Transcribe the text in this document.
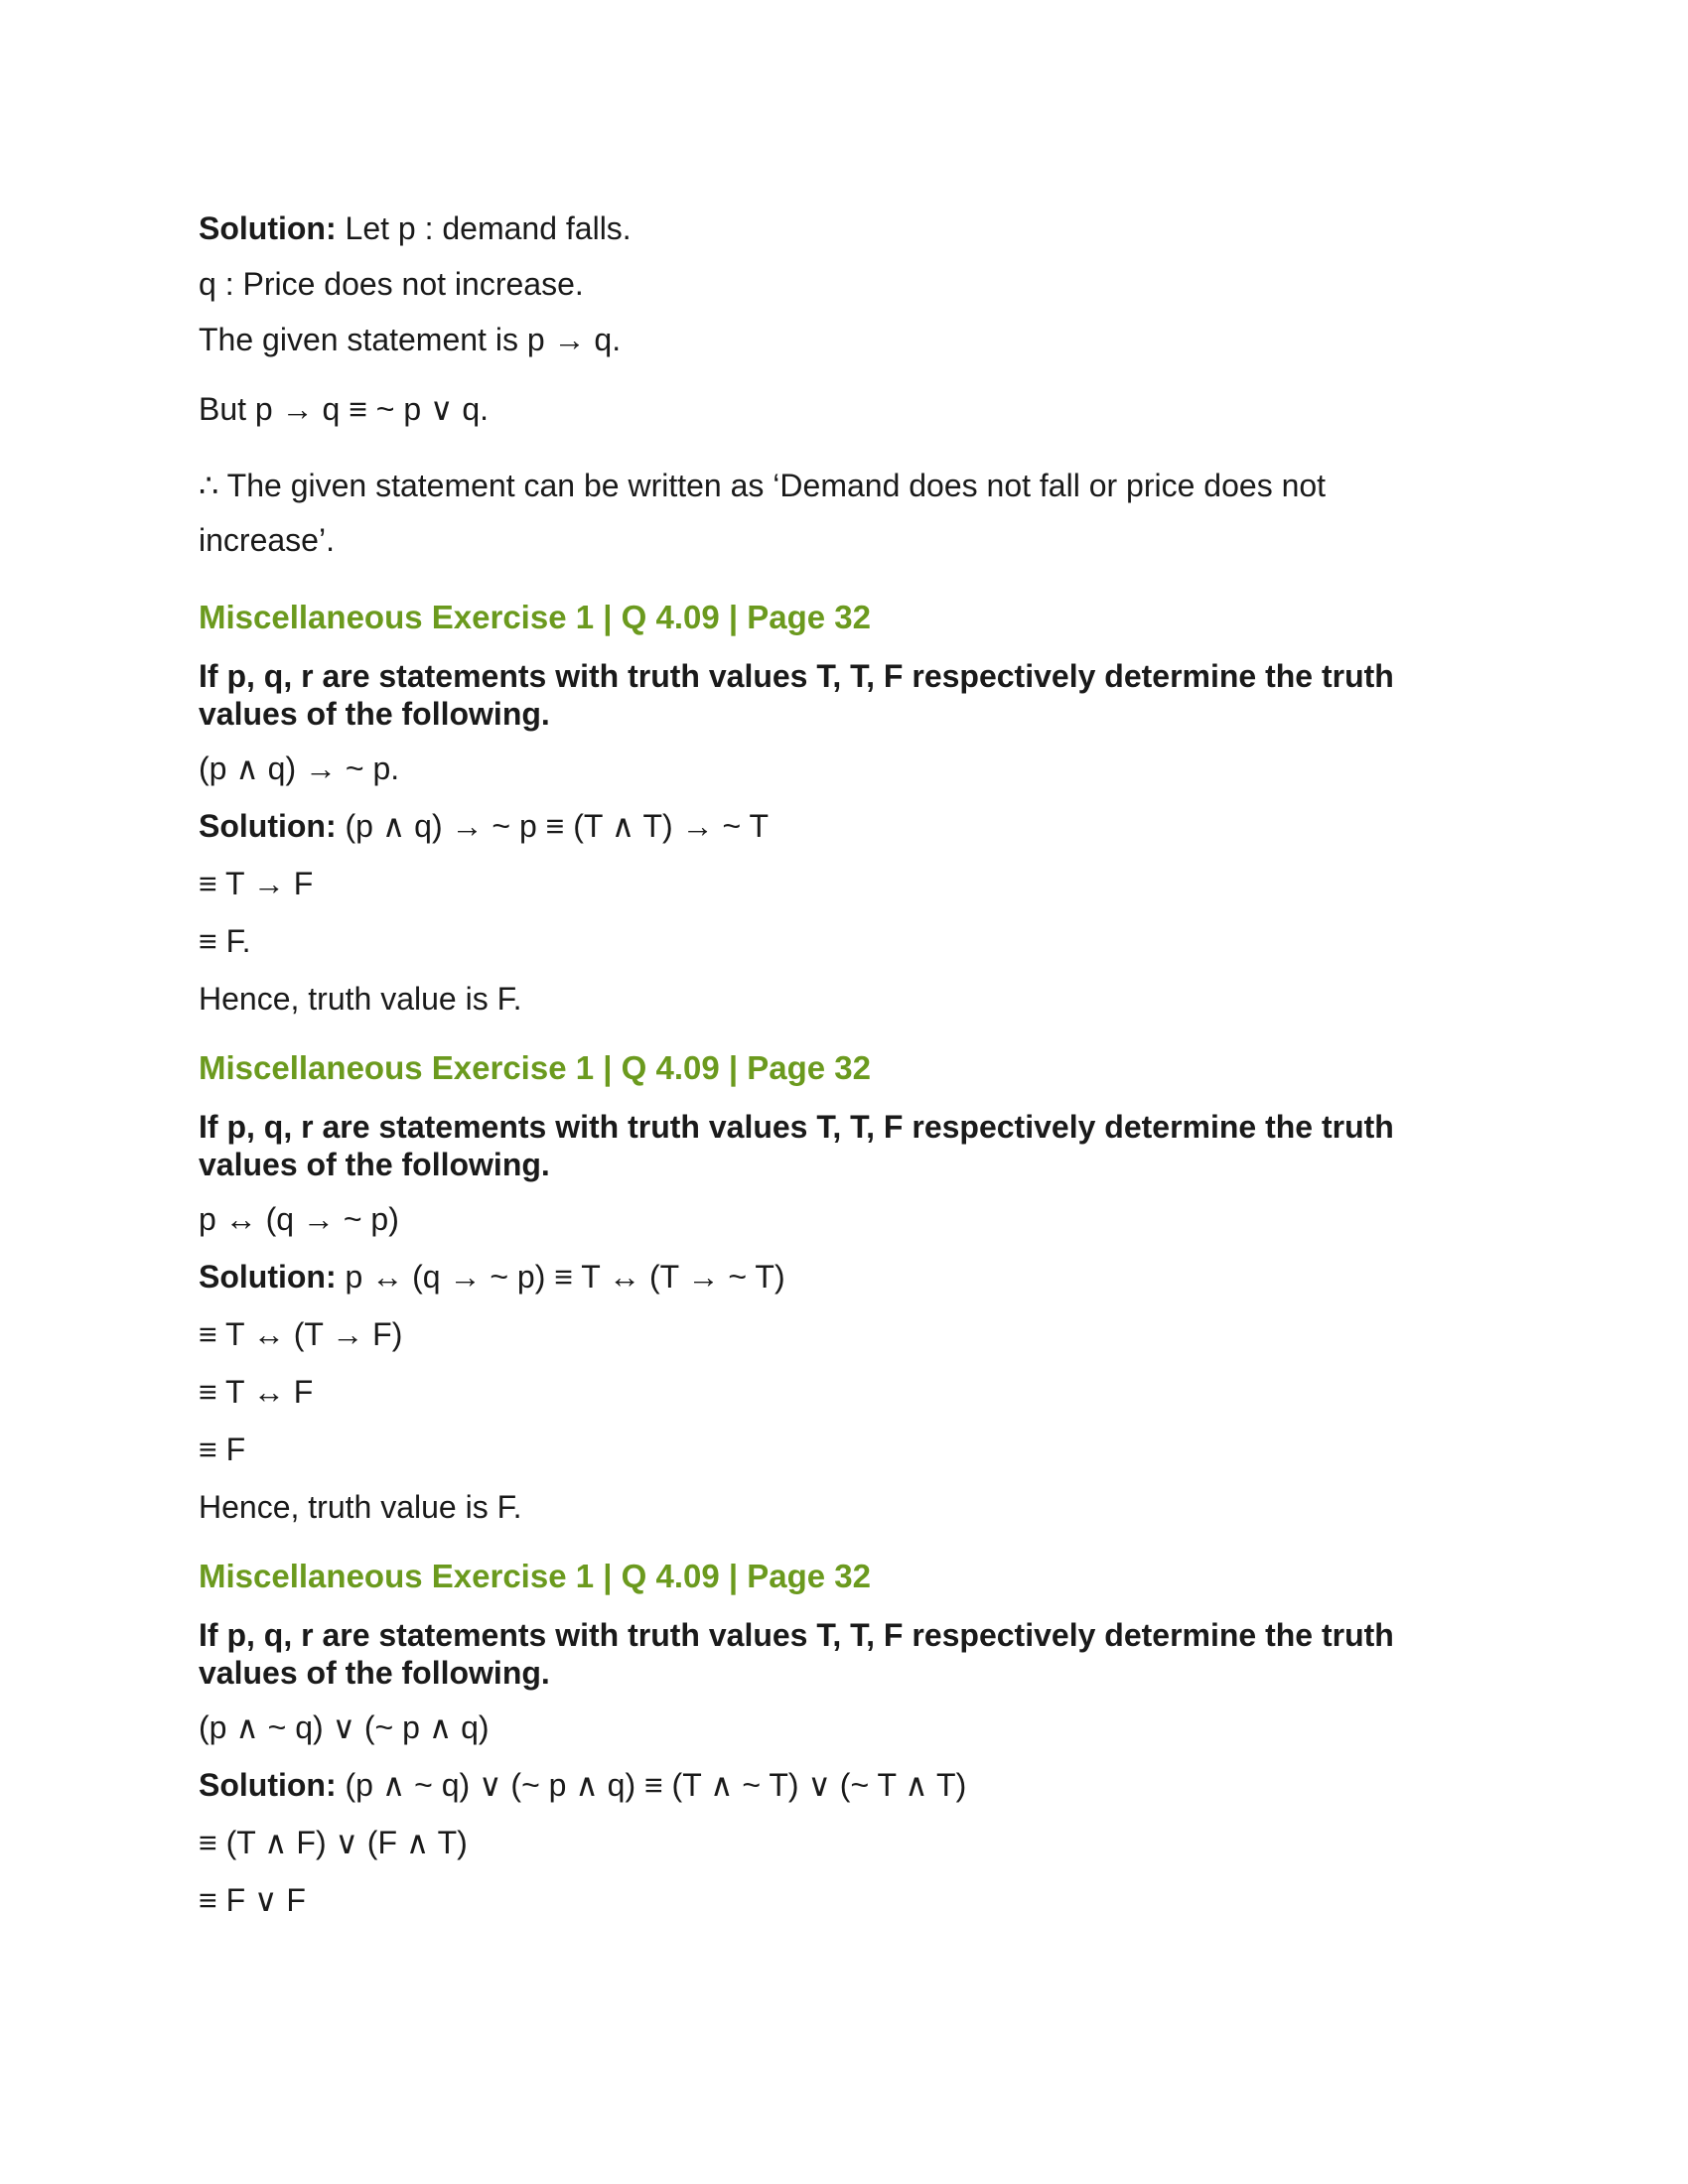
Solution: Let p : demand falls.

q : Price does not increase.

The given statement is p → q.

But p → q ≡ ~ p ∨ q.

∴ The given statement can be written as ‘Demand does not fall or price does not increase’.

Miscellaneous Exercise 1 | Q 4.09 | Page 32

If p, q, r are statements with truth values T, T, F respectively determine the truth values of the following.

(p ∧ q) → ~ p.

Solution: (p ∧ q) → ~ p ≡ (T ∧ T) → ~ T

≡ T → F

≡ F.

Hence, truth value is F.

Miscellaneous Exercise 1 | Q 4.09 | Page 32

If p, q, r are statements with truth values T, T, F respectively determine the truth values of the following.

p ↔ (q → ~ p)

Solution: p ↔ (q → ~ p) ≡ T ↔ (T → ~ T)

≡ T ↔ (T → F)

≡ T ↔ F

≡ F

Hence, truth value is F.

Miscellaneous Exercise 1 | Q 4.09 | Page 32

If p, q, r are statements with truth values T, T, F respectively determine the truth values of the following.

(p ∧ ~ q) ∨ (~ p ∧ q)

Solution: (p ∧ ~ q) ∨ (~ p ∧ q) ≡ (T ∧ ~ T) ∨ (~ T ∧ T)

≡ (T ∧ F) ∨ (F ∧ T)

≡ F ∨ F
